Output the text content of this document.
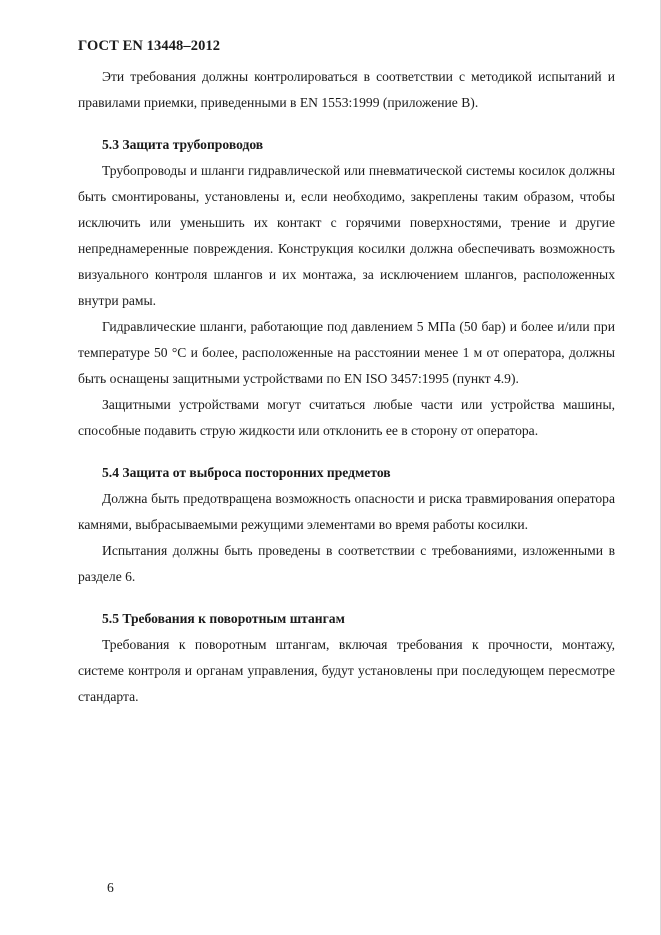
ГОСТ EN 13448–2012

Эти требования должны контролироваться в соответствии с методикой испытаний и правилами приемки, приведенными в EN 1553:1999 (приложение B).

5.3 Защита трубопроводов

Трубопроводы и шланги гидравлической или пневматической системы косилок должны быть смонтированы, установлены и, если необходимо, закреплены таким образом, чтобы исключить или уменьшить их контакт с горячими поверхностями, трение и другие непреднамеренные повреждения. Конструкция косилки должна обеспечивать возможность визуального контроля шлангов и их монтажа, за исключением шлангов, расположенных внутри рамы.

Гидравлические шланги, работающие под давлением 5 МПа (50 бар) и более и/или при температуре 50 °С и более, расположенные на расстоянии менее 1 м от оператора, должны быть оснащены защитными устройствами по EN ISO 3457:1995 (пункт 4.9).

Защитными устройствами могут считаться любые части или устройства машины, способные подавить струю жидкости или отклонить ее в сторону от оператора.

5.4 Защита от выброса посторонних предметов

Должна быть предотвращена возможность опасности и риска травмирования оператора камнями, выбрасываемыми режущими элементами во время работы косилки.

Испытания должны быть проведены в соответствии с требованиями, изложенными в разделе 6.

5.5 Требования к поворотным штангам

Требования к поворотным штангам, включая требования к прочности, монтажу, системе контроля и органам управления, будут установлены при последующем пересмотре стандарта.

6
